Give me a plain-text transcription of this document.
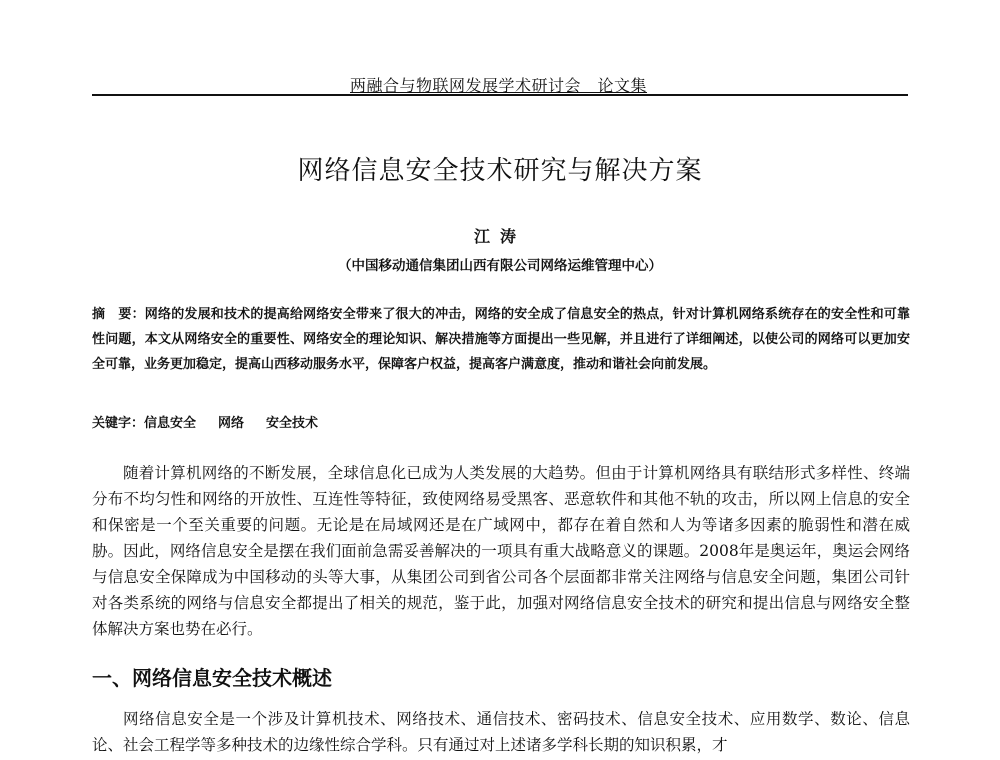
两融合与物联网发展学术研讨会　论文集
网络信息安全技术研究与解决方案
江涛
（中国移动通信集团山西有限公司网络运维管理中心）
摘　要：网络的发展和技术的提高给网络安全带来了很大的冲击，网络的安全成了信息安全的热点，针对计算机网络系统存在的安全性和可靠性问题，本文从网络安全的重要性、网络安全的理论知识、解决措施等方面提出一些见解，并且进行了详细阐述，以使公司的网络可以更加安全可靠，业务更加稳定，提高山西移动服务水平，保障客户权益，提高客户满意度，推动和谐社会向前发展。
关键字：信息安全 网络 安全技术

随着计算机网络的不断发展，全球信息化已成为人类发展的大趋势。但由于计算机网络具有联结形式多样性、终端分布不均匀性和网络的开放性、互连性等特征，致使网络易受黑客、恶意软件和其他不轨的攻击，所以网上信息的安全和保密是一个至关重要的问题。无论是在局域网还是在广域网中，都存在着自然和人为等诸多因素的脆弱性和潜在威胁。因此，网络信息安全是摆在我们面前急需妥善解决的一项具有重大战略意义的课题。2008年是奥运年，奥运会网络与信息安全保障成为中国移动的头等大事，从集团公司到省公司各个层面都非常关注网络与信息安全问题，集团公司针对各类系统的网络与信息安全都提出了相关的规范，鉴于此，加强对网络信息安全技术的研究和提出信息与网络安全整体解决方案也势在必行。

一、网络信息安全技术概述

网络信息安全是一个涉及计算机技术、网络技术、通信技术、密码技术、信息安全技术、应用数学、数论、信息论、社会工程学等多种技术的边缘性综合学科。只有通过对上述诸多学科长期的知识积累，才
